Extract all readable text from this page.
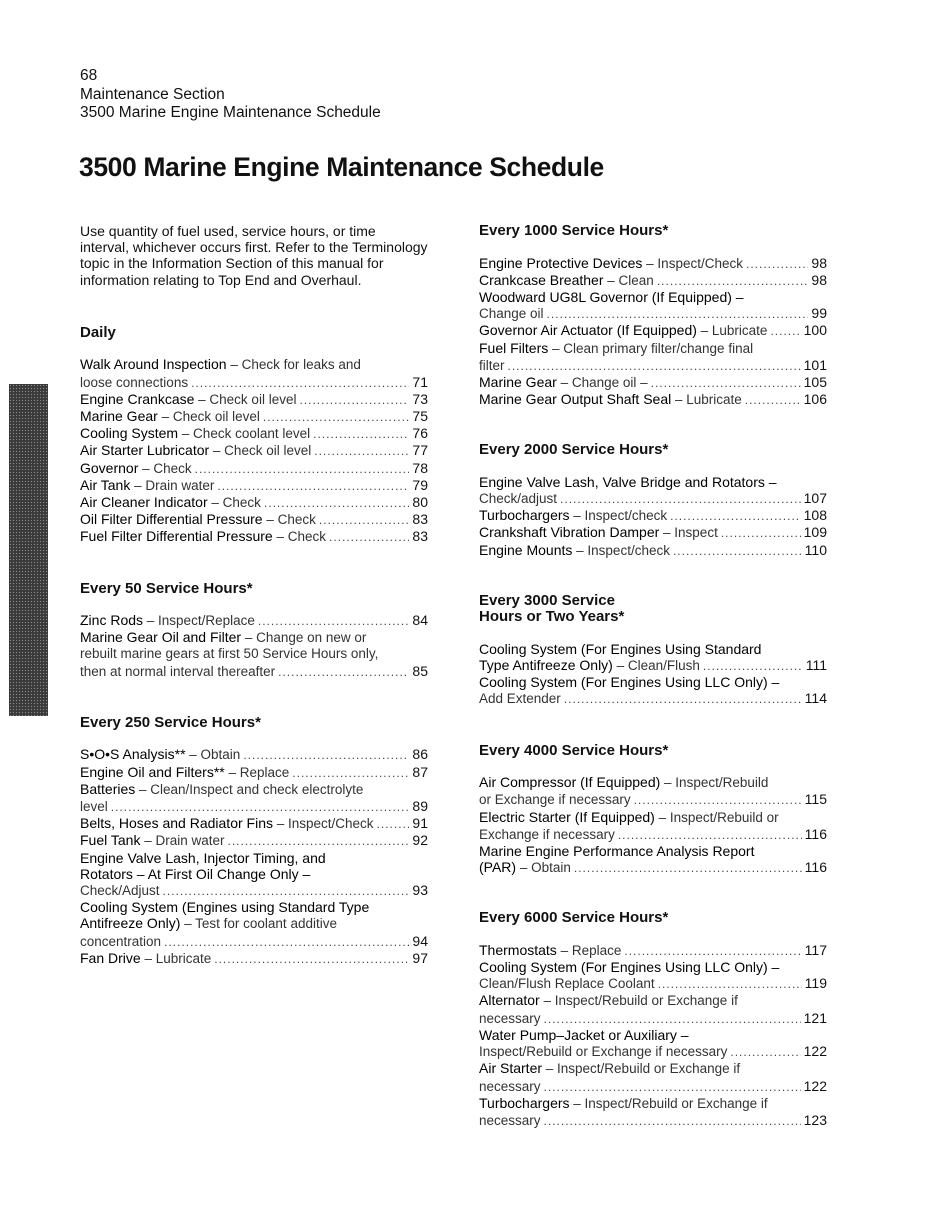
68
Maintenance Section
3500 Marine Engine Maintenance Schedule
3500 Marine Engine Maintenance Schedule

Use quantity of fuel used, service hours, or time interval, whichever occurs first. Refer to the Terminology topic in the Information Section of this manual for information relating to Top End and Overhaul.

Daily
Walk Around Inspection – Check for leaks and
loose connections .....	71
Engine Crankcase – Check oil level .....	73
Marine Gear – Check oil level .....	75
Cooling System – Check coolant level .....	76
Air Starter Lubricator – Check oil level .....	77
Governor – Check .....	78
Air Tank – Drain water .....	79
Air Cleaner Indicator – Check .....	80
Oil Filter Differential Pressure – Check .....	83
Fuel Filter Differential Pressure – Check .....	83
Every 50 Service Hours*
Zinc Rods – Inspect/Replace .....	84
Marine Gear Oil and Filter – Change on new or
rebuilt marine gears at first 50 Service Hours only,
then at normal interval thereafter .....	85
Every 250 Service Hours*
S•O•S Analysis** – Obtain .....	86
Engine Oil and Filters** – Replace .....	87
Batteries – Clean/Inspect and check electrolyte
level .....	89
Belts, Hoses and Radiator Fins – Inspect/Check .....	91
Fuel Tank – Drain water .....	92
Engine Valve Lash, Injector Timing, and
Rotators – At First Oil Change Only –
Check/Adjust .....	93
Cooling System (Engines using Standard Type
Antifreeze Only) – Test for coolant additive
concentration .....	94
Fan Drive – Lubricate .....	97
Every 1000 Service Hours*
Engine Protective Devices – Inspect/Check .....	98
Crankcase Breather – Clean .....	98
Woodward UG8L Governor (If Equipped) –
Change oil .....	99
Governor Air Actuator (If Equipped) – Lubricate .....	100
Fuel Filters – Clean primary filter/change final
filter .....	101
Marine Gear – Change oil – .....	105
Marine Gear Output Shaft Seal – Lubricate .....	106
Every 2000 Service Hours*
Engine Valve Lash, Valve Bridge and Rotators –
Check/adjust .....	107
Turbochargers – Inspect/check .....	108
Crankshaft Vibration Damper – Inspect .....	109
Engine Mounts – Inspect/check .....	110
Every 3000 Service
Hours or Two Years*
Cooling System (For Engines Using Standard
Type Antifreeze Only) – Clean/Flush .....	111
Cooling System (For Engines Using LLC Only) –
Add Extender .....	114
Every 4000 Service Hours*
Air Compressor (If Equipped) – Inspect/Rebuild
or Exchange if necessary .....	115
Electric Starter (If Equipped) – Inspect/Rebuild or
Exchange if necessary .....	116
Marine Engine Performance Analysis Report
(PAR) – Obtain .....	116
Every 6000 Service Hours*
Thermostats – Replace .....	117
Cooling System (For Engines Using LLC Only) –
Clean/Flush Replace Coolant .....	119
Alternator – Inspect/Rebuild or Exchange if
necessary .....	121
Water Pump–Jacket or Auxiliary –
Inspect/Rebuild or Exchange if necessary .....	122
Air Starter – Inspect/Rebuild or Exchange if
necessary .....	122
Turbochargers – Inspect/Rebuild or Exchange if
necessary .....	123
